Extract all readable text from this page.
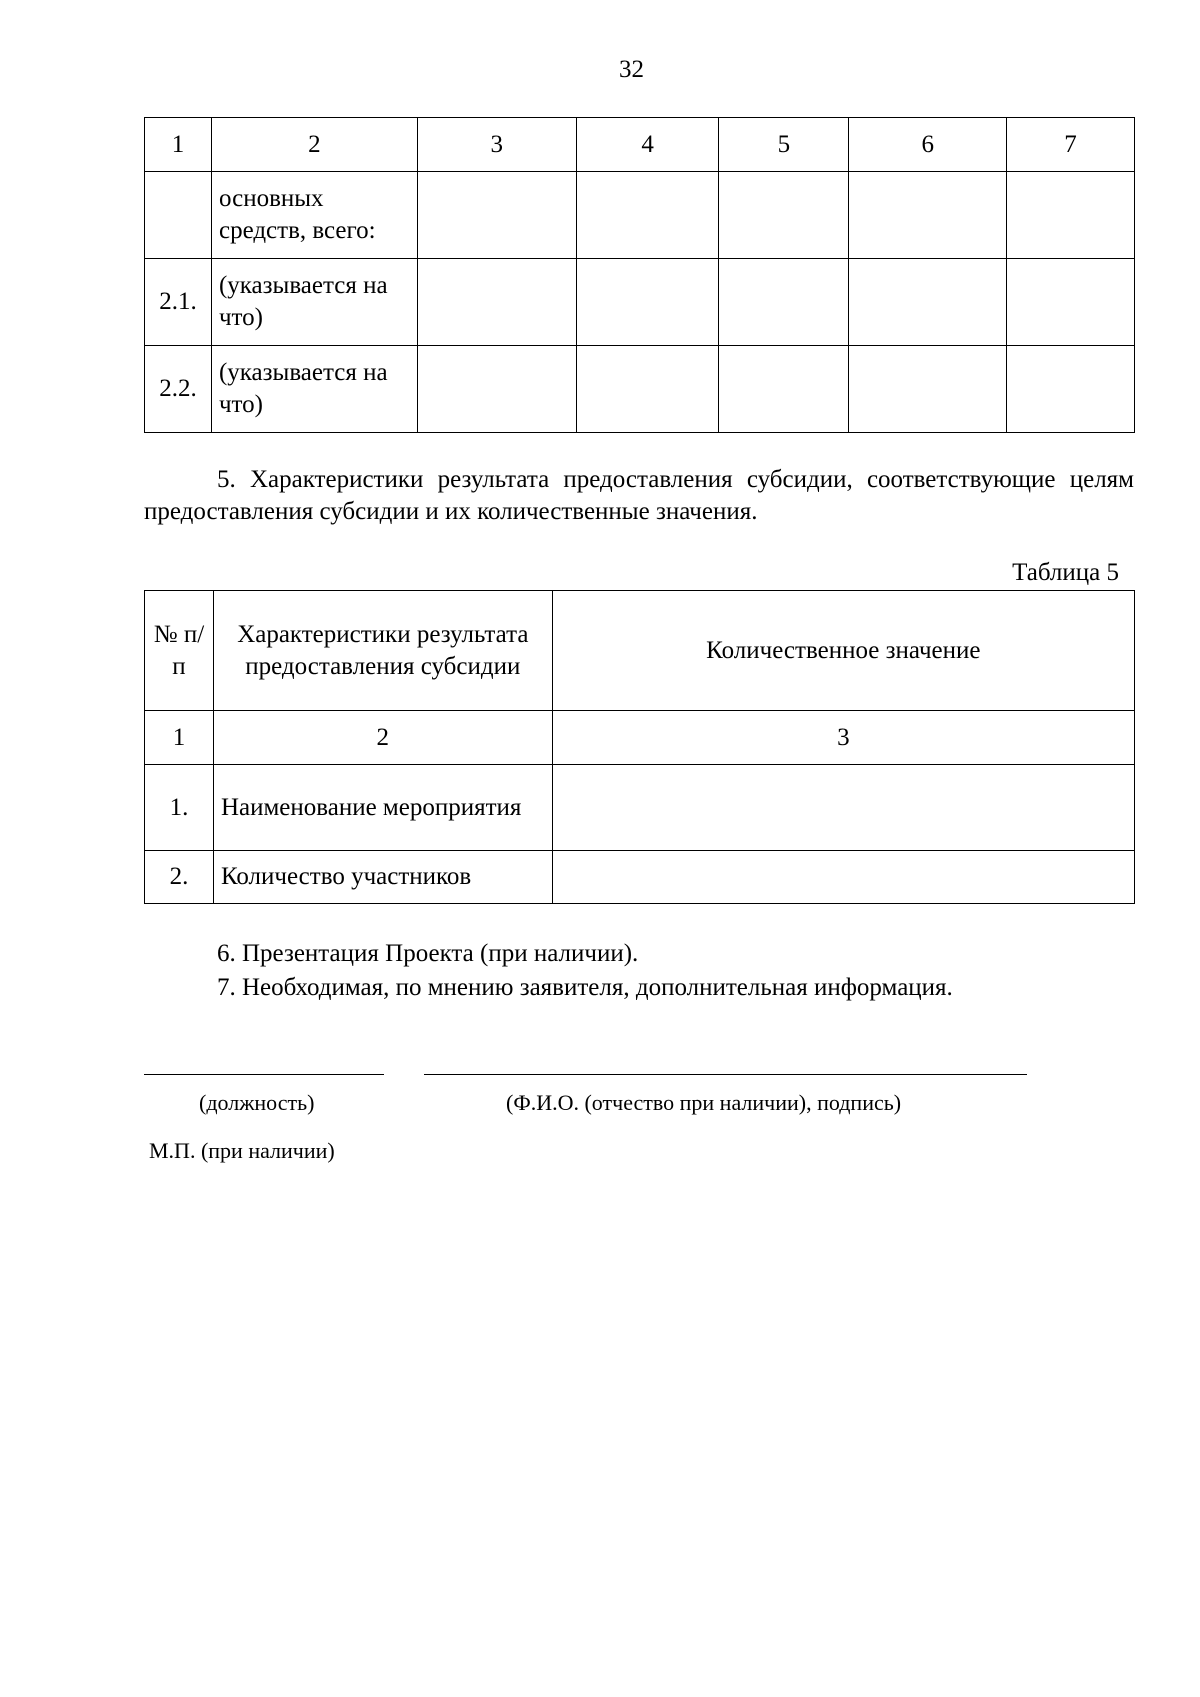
32
1	2	3	4	5	6	7
	основных средств, всего:					
2.1.	(указывается на что)					
2.2.	(указывается на что)					
5. Характеристики результата предоставления субсидии, соответствующие целям предоставления субсидии и их количественные значения.
Таблица 5
№ п/п	Характеристики результата предоставления субсидии	Количественное значение
1	2	3
1.	Наименование мероприятия	
2.	Количество участников	
6. Презентация Проекта (при наличии).
7. Необходимая, по мнению заявителя, дополнительная информация.
(должность)	(Ф.И.О. (отчество при наличии), подпись)
М.П. (при наличии)
